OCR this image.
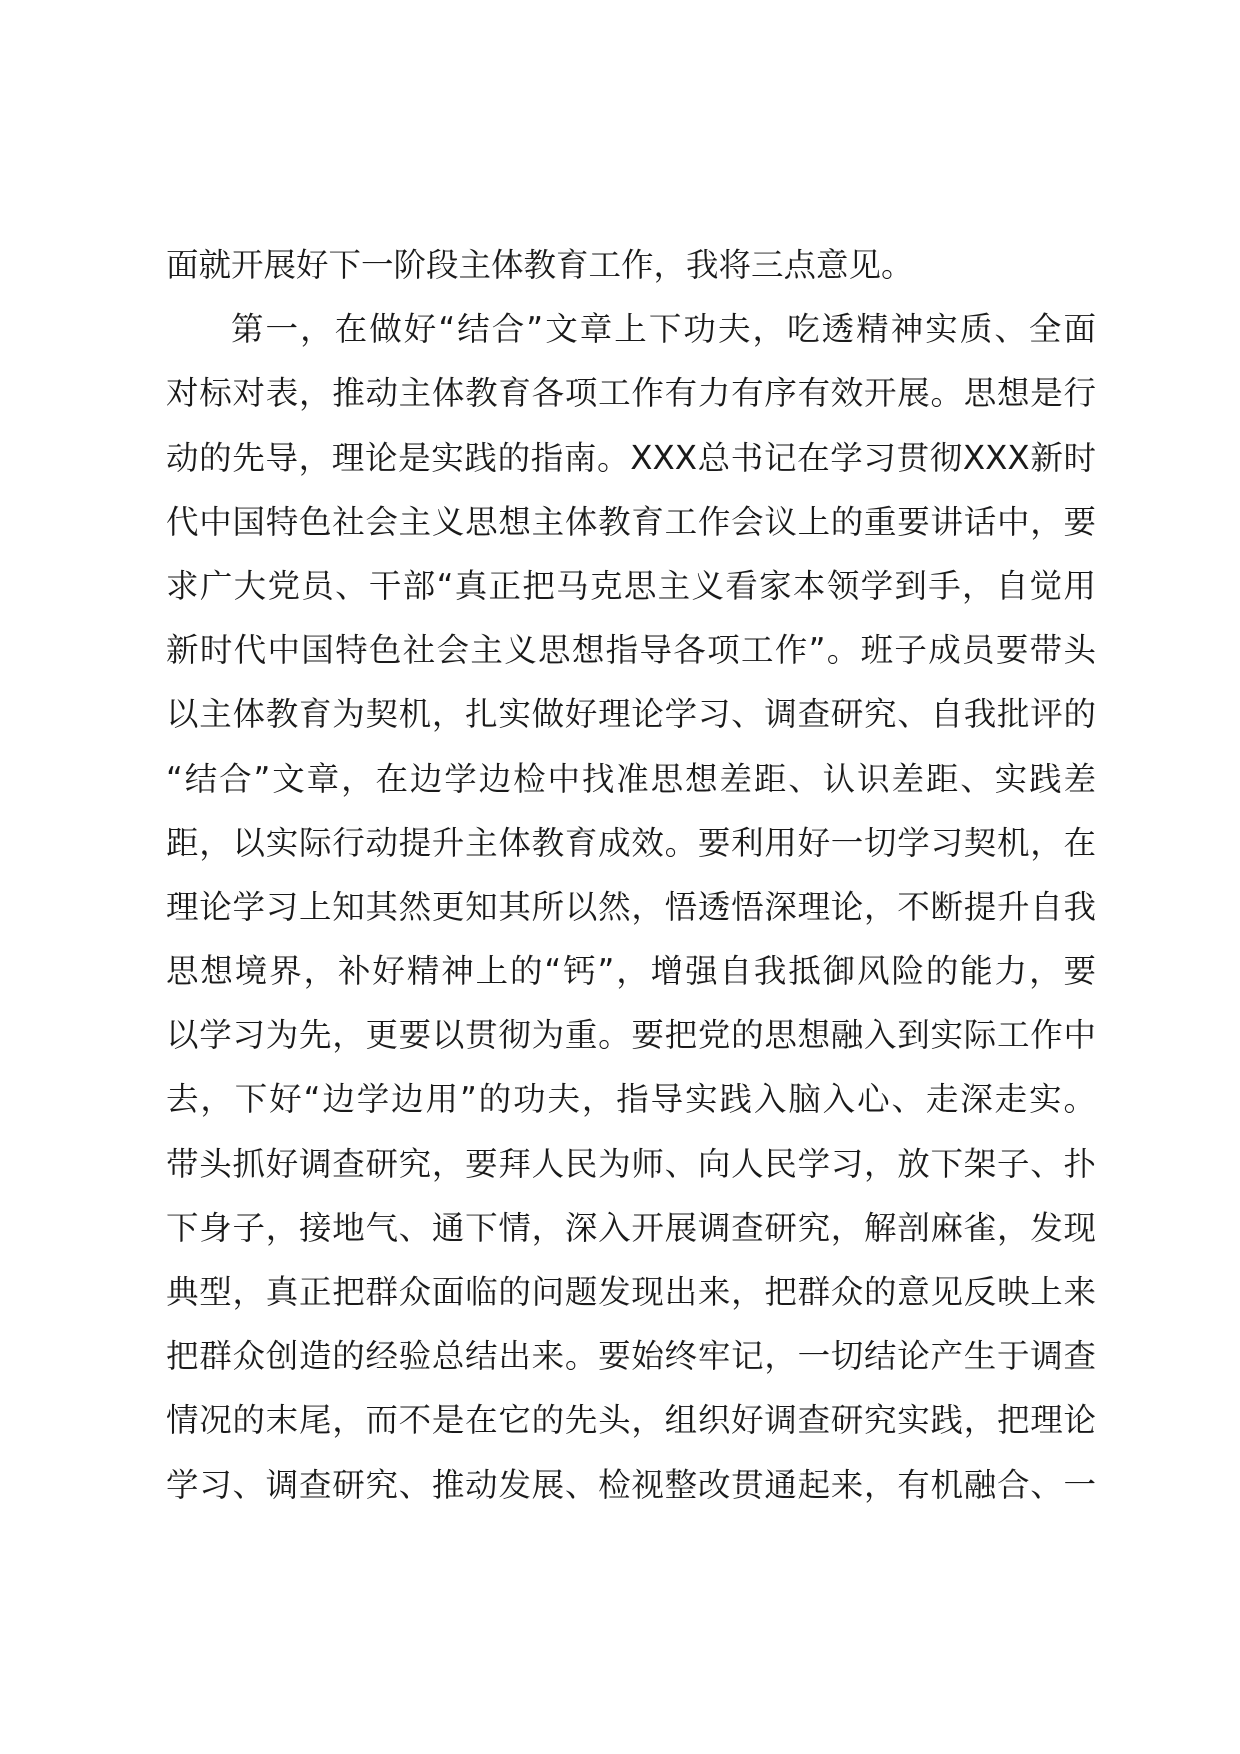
面就开展好下一阶段主体教育工作，我将三点意见。
第一，在做好“结合”文章上下功夫，吃透精神实质、全面
对标对表，推动主体教育各项工作有力有序有效开展。思想是行
动的先导，理论是实践的指南。XXX总书记在学习贯彻XXX新时
代中国特色社会主义思想主体教育工作会议上的重要讲话中，要
求广大党员、干部“真正把马克思主义看家本领学到手，自觉用
新时代中国特色社会主义思想指导各项工作”。班子成员要带头
以主体教育为契机，扎实做好理论学习、调查研究、自我批评的
“结合”文章，在边学边检中找准思想差距、认识差距、实践差
距，以实际行动提升主体教育成效。要利用好一切学习契机，在
理论学习上知其然更知其所以然，悟透悟深理论，不断提升自我
思想境界，补好精神上的“钙”，增强自我抵御风险的能力，要
以学习为先，更要以贯彻为重。要把党的思想融入到实际工作中
去，下好“边学边用”的功夫，指导实践入脑入心、走深走实。
带头抓好调查研究，要拜人民为师、向人民学习，放下架子、扑
下身子，接地气、通下情，深入开展调查研究，解剖麻雀，发现
典型，真正把群众面临的问题发现出来，把群众的意见反映上来
把群众创造的经验总结出来。要始终牢记，一切结论产生于调查
情况的末尾，而不是在它的先头，组织好调查研究实践，把理论
学习、调查研究、推动发展、检视整改贯通起来，有机融合、一
